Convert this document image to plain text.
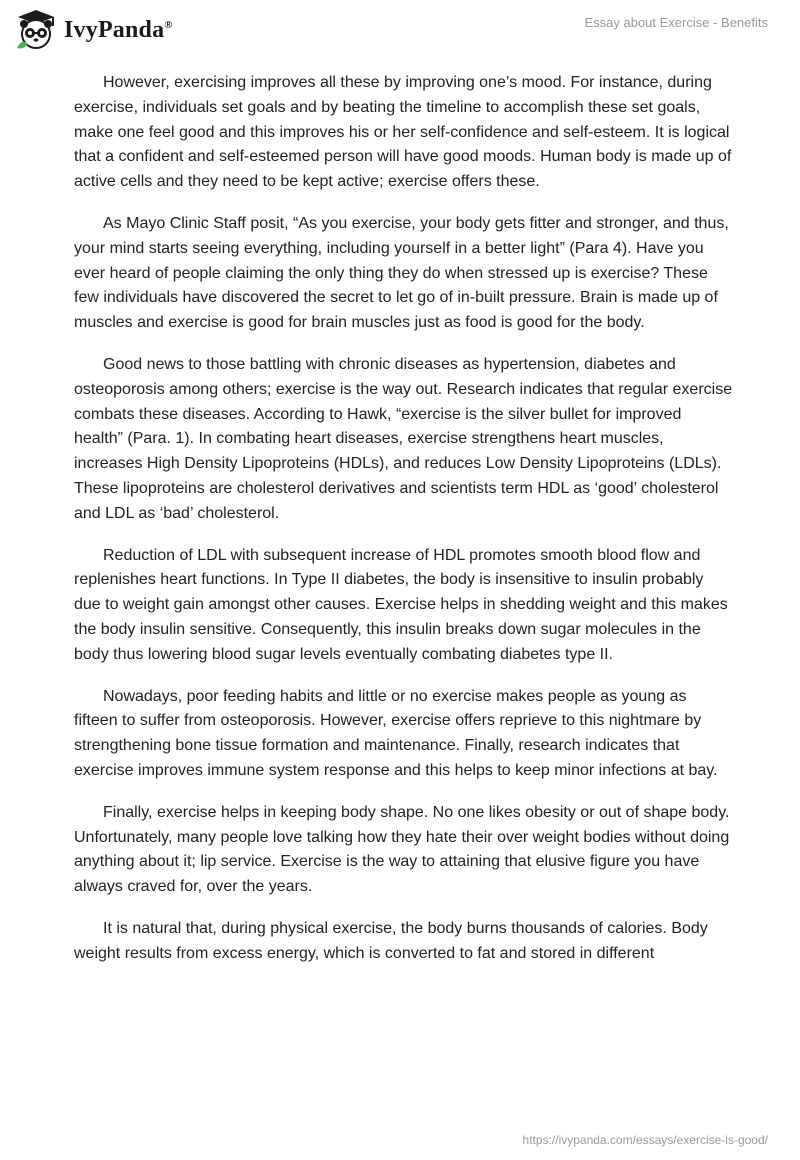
IvyPanda®	Essay about Exercise - Benefits

However, exercising improves all these by improving one’s mood. For instance, during exercise, individuals set goals and by beating the timeline to accomplish these set goals, make one feel good and this improves his or her self-confidence and self-esteem. It is logical that a confident and self-esteemed person will have good moods. Human body is made up of active cells and they need to be kept active; exercise offers these.

As Mayo Clinic Staff posit, “As you exercise, your body gets fitter and stronger, and thus, your mind starts seeing everything, including yourself in a better light” (Para 4). Have you ever heard of people claiming the only thing they do when stressed up is exercise? These few individuals have discovered the secret to let go of in-built pressure. Brain is made up of muscles and exercise is good for brain muscles just as food is good for the body.

Good news to those battling with chronic diseases as hypertension, diabetes and osteoporosis among others; exercise is the way out. Research indicates that regular exercise combats these diseases. According to Hawk, “exercise is the silver bullet for improved health” (Para. 1). In combating heart diseases, exercise strengthens heart muscles, increases High Density Lipoproteins (HDLs), and reduces Low Density Lipoproteins (LDLs). These lipoproteins are cholesterol derivatives and scientists term HDL as ‘good’ cholesterol and LDL as ‘bad’ cholesterol.

Reduction of LDL with subsequent increase of HDL promotes smooth blood flow and replenishes heart functions. In Type II diabetes, the body is insensitive to insulin probably due to weight gain amongst other causes. Exercise helps in shedding weight and this makes the body insulin sensitive. Consequently, this insulin breaks down sugar molecules in the body thus lowering blood sugar levels eventually combating diabetes type II.

Nowadays, poor feeding habits and little or no exercise makes people as young as fifteen to suffer from osteoporosis. However, exercise offers reprieve to this nightmare by strengthening bone tissue formation and maintenance. Finally, research indicates that exercise improves immune system response and this helps to keep minor infections at bay.

Finally, exercise helps in keeping body shape. No one likes obesity or out of shape body. Unfortunately, many people love talking how they hate their over weight bodies without doing anything about it; lip service. Exercise is the way to attaining that elusive figure you have always craved for, over the years.

It is natural that, during physical exercise, the body burns thousands of calories. Body weight results from excess energy, which is converted to fat and stored in different

https://ivypanda.com/essays/exercise-is-good/
